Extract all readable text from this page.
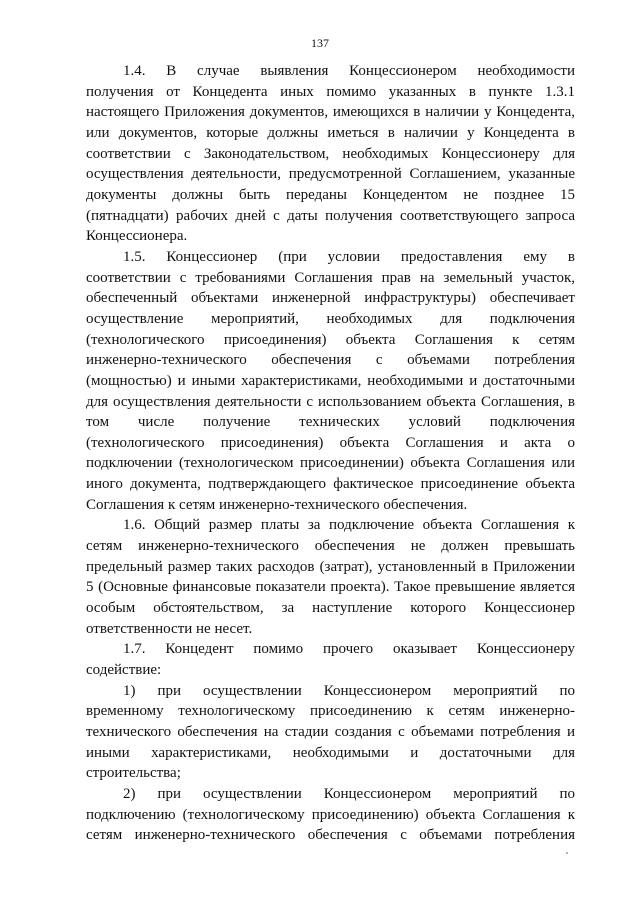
137

1.4. В случае выявления Концессионером необходимости
получения от Концедента иных помимо указанных в пункте 1.3.1
настоящего Приложения документов, имеющихся в наличии у Концедента,
или документов, которые должны иметься в наличии у Концедента в
соответствии с Законодательством, необходимых Концессионеру для
осуществления деятельности, предусмотренной Соглашением, указанные
документы должны быть переданы Концедентом не позднее 15
(пятнадцати) рабочих дней с даты получения соответствующего запроса
Концессионера.

1.5. Концессионер (при условии предоставления ему в
соответствии с требованиями Соглашения прав на земельный участок,
обеспеченный объектами инженерной инфраструктуры) обеспечивает
осуществление мероприятий, необходимых для подключения
(технологического присоединения) объекта Соглашения к сетям
инженерно-технического обеспечения с объемами потребления
(мощностью) и иными характеристиками, необходимыми и достаточными
для осуществления деятельности с использованием объекта Соглашения, в
том числе получение технических условий подключения
(технологического присоединения) объекта Соглашения и акта о
подключении (технологическом присоединении) объекта Соглашения или
иного документа, подтверждающего фактическое присоединение объекта
Соглашения к сетям инженерно-технического обеспечения.

1.6. Общий размер платы за подключение объекта Соглашения к
сетям инженерно-технического обеспечения не должен превышать
предельный размер таких расходов (затрат), установленный в Приложении
5 (Основные финансовые показатели проекта). Такое превышение является
особым обстоятельством, за наступление которого Концессионер
ответственности не несет.

1.7. Концедент помимо прочего оказывает Концессионеру
содействие:

1) при осуществлении Концессионером мероприятий по
временному технологическому присоединению к сетям инженерно-
технического обеспечения на стадии создания с объемами потребления и
иными характеристиками, необходимыми и достаточными для
строительства;

2) при осуществлении Концессионером мероприятий по
подключению (технологическому присоединению) объекта Соглашения к
сетям инженерно-технического обеспечения с объемами потребления
